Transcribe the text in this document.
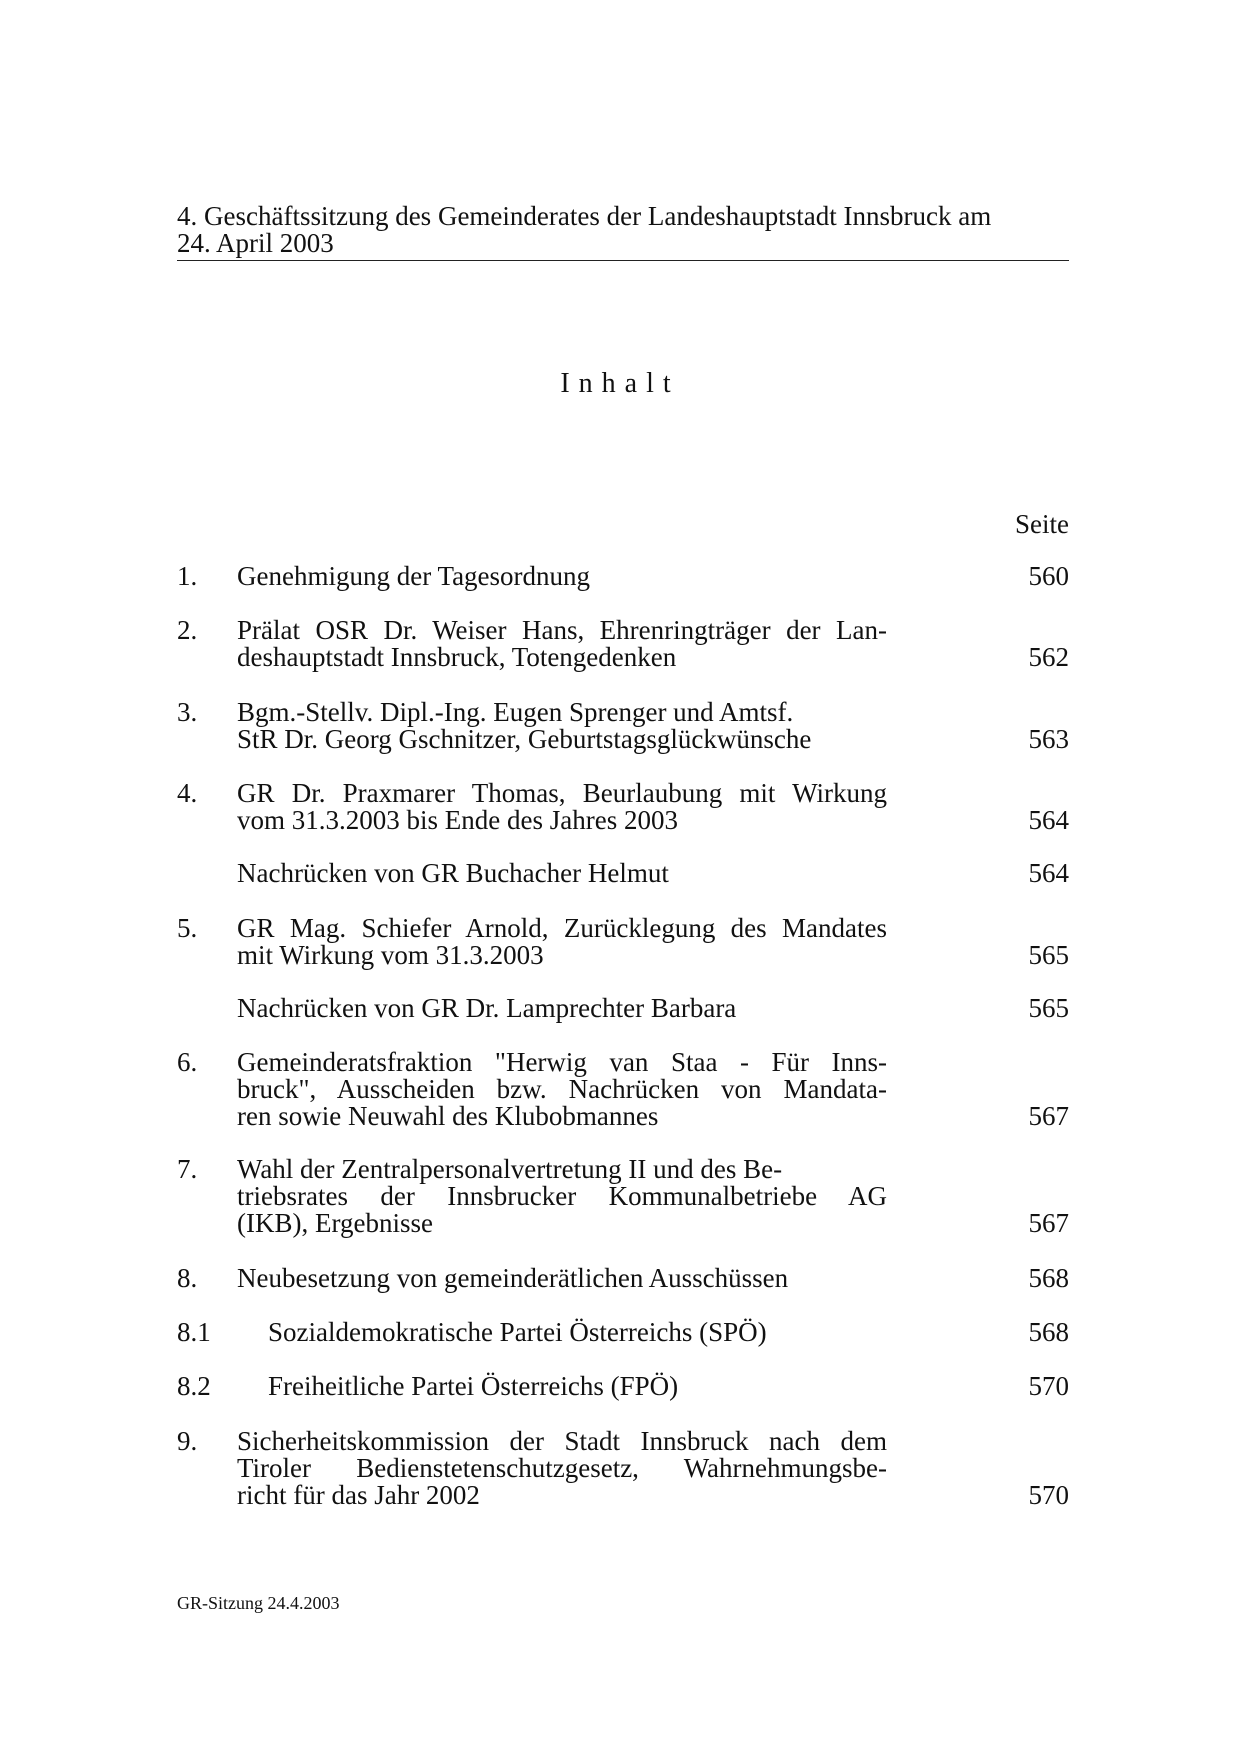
4. Geschäftssitzung des Gemeinderates der Landeshauptstadt Innsbruck am
24. April 2003
Inhalt
Seite
1. Genehmigung der Tagesordnung	560
2. Prälat OSR Dr. Weiser Hans, Ehrenringträger der Lan-
deshauptstadt Innsbruck, Totengedenken	562
3. Bgm.-Stellv. Dipl.-Ing. Eugen Sprenger und Amtsf.
StR Dr. Georg Gschnitzer, Geburtstagsglückwünsche	563
4. GR Dr. Praxmarer Thomas, Beurlaubung mit Wirkung
vom 31.3.2003 bis Ende des Jahres 2003	564
Nachrücken von GR Buchacher Helmut	564
5. GR Mag. Schiefer Arnold, Zurücklegung des Mandates
mit Wirkung vom 31.3.2003	565
Nachrücken von GR Dr. Lamprechter Barbara	565
6. Gemeinderatsfraktion "Herwig van Staa - Für Inns-
bruck", Ausscheiden bzw. Nachrücken von Mandata-
ren sowie Neuwahl des Klubobmannes	567
7. Wahl der Zentralpersonalvertretung II und des Be-
triebsrates der Innsbrucker Kommunalbetriebe AG
(IKB), Ergebnisse	567
8. Neubesetzung von gemeinderätlichen Ausschüssen	568
8.1 Sozialdemokratische Partei Österreichs (SPÖ)	568
8.2 Freiheitliche Partei Österreichs (FPÖ)	570
9. Sicherheitskommission der Stadt Innsbruck nach dem
Tiroler Bedienstetenschutzgesetz, Wahrnehmungsbe-
richt für das Jahr 2002	570
GR-Sitzung 24.4.2003
